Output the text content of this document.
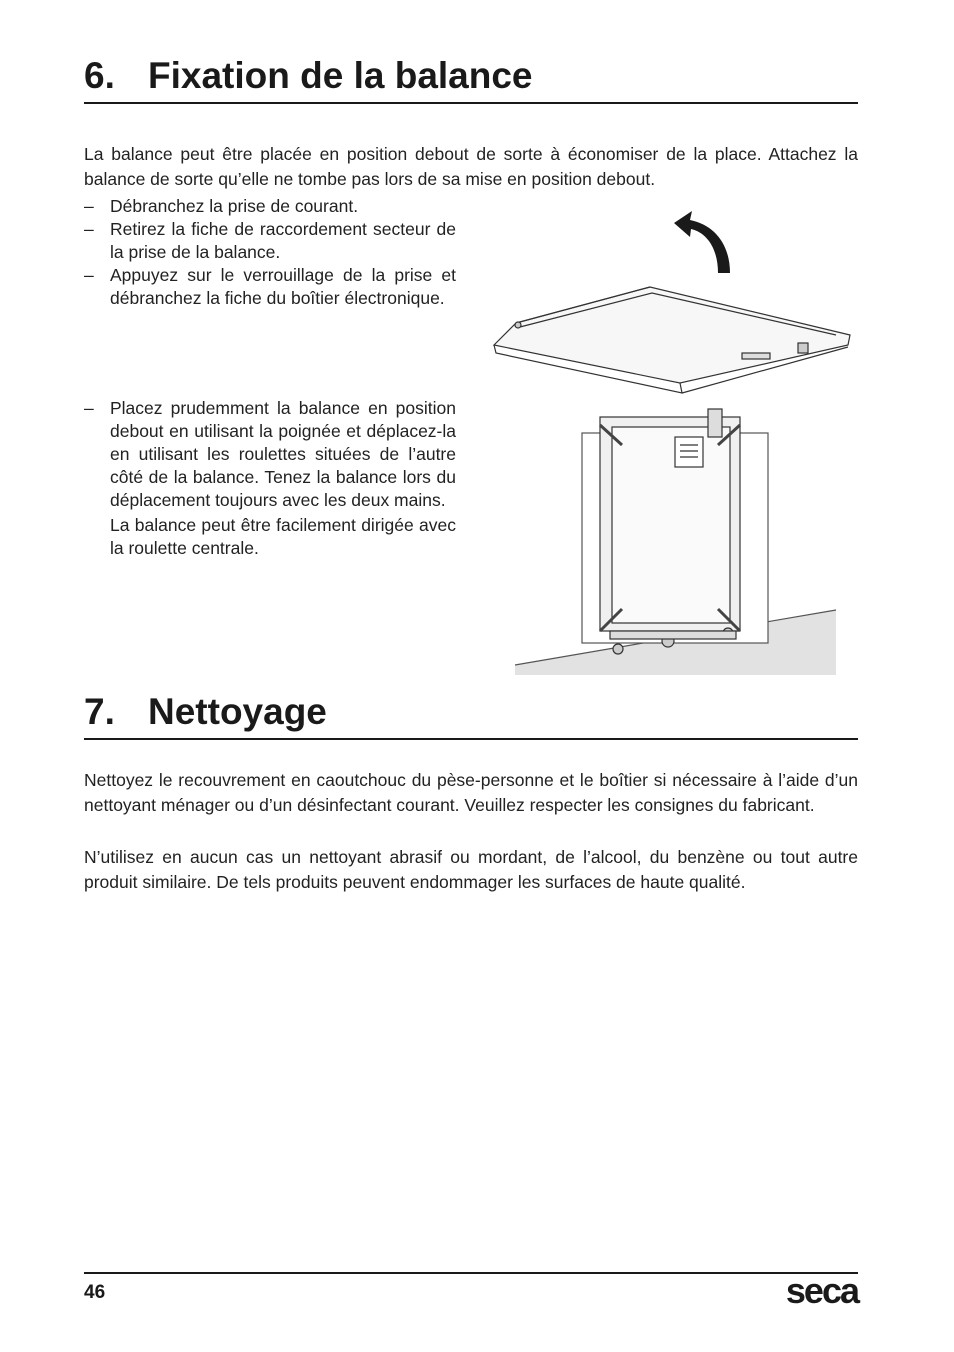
6. Fixation de la balance

La balance peut être placée en position debout de sorte à économiser de la place. Attachez la balance de sorte qu’elle ne tombe pas lors de sa mise en position debout.

– Débranchez la prise de courant.
– Retirez la fiche de raccordement secteur de la prise de la balance.
– Appuyez sur le verrouillage de la prise et débranchez la fiche du boîtier électronique.
– Placez prudemment la balance en position debout en utilisant la poignée et déplacez-la en utilisant les roulettes situées de l’autre côté de la balance. Tenez la balance lors du déplacement toujours avec les deux mains.
La balance peut être facilement dirigée avec la roulette centrale.
7. Nettoyage

Nettoyez le recouvrement en caoutchouc du pèse-personne et le boîtier si nécessaire à l’aide d’un nettoyant ménager ou d’un désinfectant courant. Veuillez respecter les consignes du fabricant.

N’utilisez en aucun cas un nettoyant abrasif ou mordant, de l’alcool, du benzène ou tout autre produit similaire. De tels produits peuvent endommager les surfaces de haute qualité.

46	seca
